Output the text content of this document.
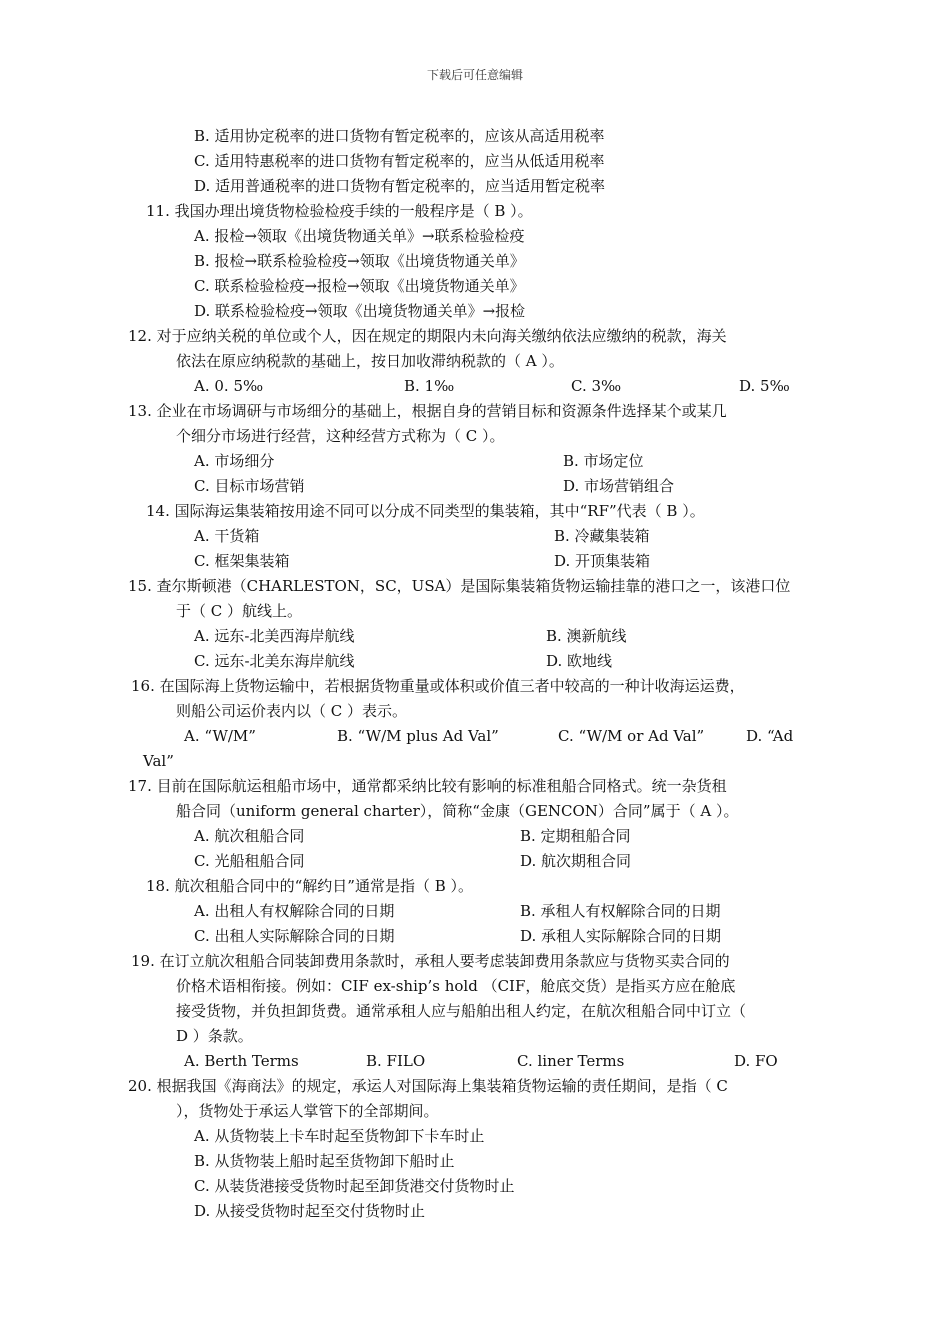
下载后可任意编辑
B. 适用协定税率的进口货物有暂定税率的，应该从高适用税率
C. 适用特惠税率的进口货物有暂定税率的，应当从低适用税率
D. 适用普通税率的进口货物有暂定税率的，应当适用暂定税率
11. 我国办理出境货物检验检疫手续的一般程序是（ B ）。
A. 报检→领取《出境货物通关单》→联系检验检疫
B. 报检→联系检验检疫→领取《出境货物通关单》
C. 联系检验检疫→报检→领取《出境货物通关单》
D. 联系检验检疫→领取《出境货物通关单》→报检
12. 对于应纳关税的单位或个人，因在规定的期限内未向海关缴纳依法应缴纳的税款，海关
依法在原应纳税款的基础上，按日加收滞纳税款的（ A ）。
A. 0. 5‰	B. 1‰	C. 3‰	D. 5‰
13. 企业在市场调研与市场细分的基础上，根据自身的营销目标和资源条件选择某个或某几
个细分市场进行经营，这种经营方式称为（ C ）。
A. 市场细分	B. 市场定位
C. 目标市场营销	D. 市场营销组合
14. 国际海运集装箱按用途不同可以分成不同类型的集装箱，其中“RF”代表（ B ）。
A. 干货箱	B. 冷藏集装箱
C. 框架集装箱	D. 开顶集装箱
15. 查尔斯顿港（CHARLESTON，SC，USA）是国际集装箱货物运输挂靠的港口之一，该港口位
于（ C ）航线上。
A. 远东-北美西海岸航线	B. 澳新航线
C. 远东-北美东海岸航线	D. 欧地线
16. 在国际海上货物运输中，若根据货物重量或体积或价值三者中较高的一种计收海运运费，
则船公司运价表内以（ C ）表示。
A. “W/M”	B. “W/M plus Ad Val”	C. “W/M or Ad Val”	D. “Ad
Val”
17. 目前在国际航运租船市场中，通常都采纳比较有影响的标准租船合同格式。统一杂货租
船合同（uniform general charter），简称“金康（GENCON）合同”属于（ A ）。
A. 航次租船合同	B. 定期租船合同
C. 光船租船合同	D. 航次期租合同
18. 航次租船合同中的“解约日”通常是指（ B ）。
A. 出租人有权解除合同的日期	B. 承租人有权解除合同的日期
C. 出租人实际解除合同的日期	D. 承租人实际解除合同的日期
19. 在订立航次租船合同装卸费用条款时，承租人要考虑装卸费用条款应与货物买卖合同的
价格术语相衔接。例如：CIF ex-ship’s hold （CIF，舱底交货）是指买方应在舱底
接受货物，并负担卸货费。通常承租人应与船舶出租人约定，在航次租船合同中订立（
D ）条款。
A. Berth Terms	B. FILO	C. liner Terms	D. FO
20. 根据我国《海商法》的规定，承运人对国际海上集装箱货物运输的责任期间，是指（ C
），货物处于承运人掌管下的全部期间。
A. 从货物装上卡车时起至货物卸下卡车时止
B. 从货物装上船时起至货物卸下船时止
C. 从装货港接受货物时起至卸货港交付货物时止
D. 从接受货物时起至交付货物时止
